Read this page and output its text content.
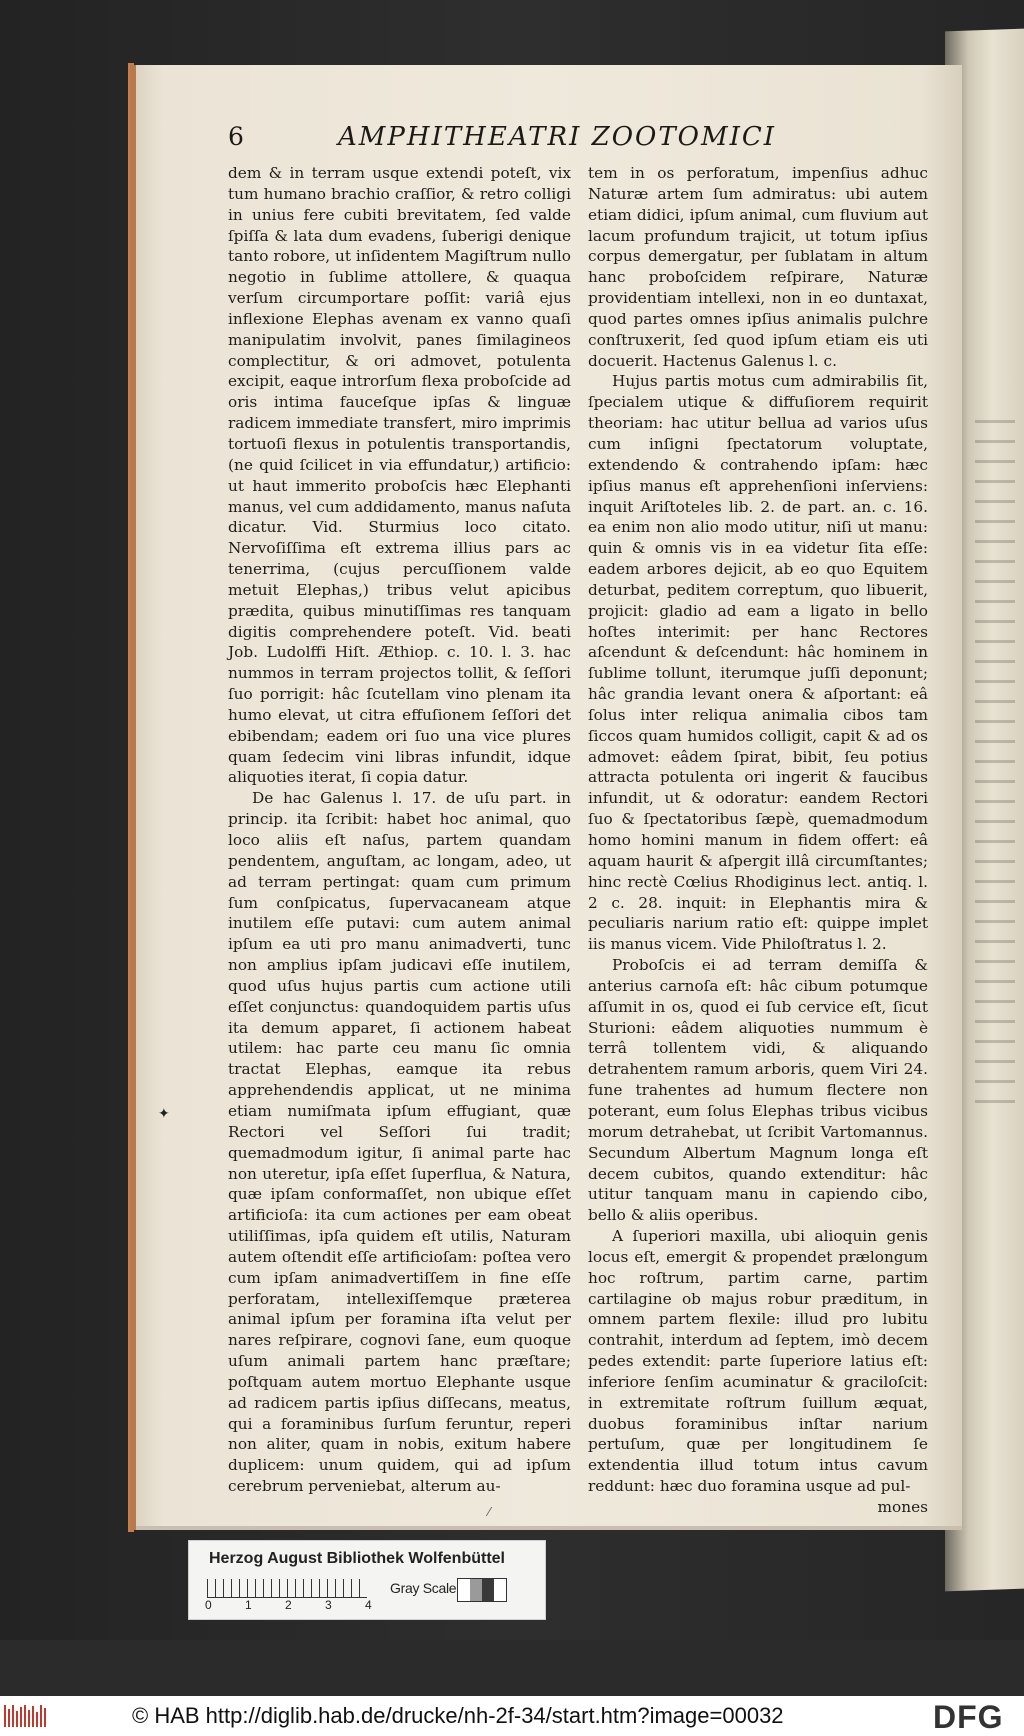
6	AMPHITHEATRI ZOOTOMICI

dem & in terram usque extendi poteſt, vix tum humano brachio craſſior, & retro colligi in unius fere cubiti brevitatem, ſed valde ſpiſſa & lata dum evadens, ſuberigi denique tanto robore, ut inſidentem Magiſtrum nullo negotio in ſublime attollere, & quaqua verſum circumportare poſſit: variâ ejus inflexione Elephas avenam ex vanno quaſi manipulatim involvit, panes ſimilagineos complectitur, & ori admovet, potulenta excipit, eaque introrſum flexa proboſcide ad oris intima fauceſque ipſas & linguæ radicem immediate transfert, miro imprimis tortuoſi flexus in potulentis transportandis, (ne quid ſcilicet in via effundatur,) artificio: ut haut immerito proboſcis hæc Elephanti manus, vel cum addidamento, manus naſuta dicatur. Vid. Sturmius loco citato. Nervoſiſſima eſt extrema illius pars ac tenerrima, (cujus percuſſionem valde metuit Elephas,) tribus velut apicibus prædita, quibus minutiſſimas res tanquam digitis comprehendere poteſt. Vid. beati Job. Ludolffi Hiſt. Æthiop. c. 10. l. 3. hac nummos in terram projectos tollit, & ſeſſori ſuo porrigit: hâc ſcutellam vino plenam ita humo elevat, ut citra effuſionem ſeſſori det ebibendam; eadem ori ſuo una vice plures quam ſedecim vini libras infundit, idque aliquoties iterat, ſi copia datur.

De hac Galenus l. 17. de uſu part. in princip. ita ſcribit: habet hoc animal, quo loco aliis eſt naſus, partem quandam pendentem, anguſtam, ac longam, adeo, ut ad terram pertingat: quam cum primum ſum conſpicatus, ſupervacaneam atque inutilem eſſe putavi: cum autem animal ipſum ea uti pro manu animadverti, tunc non amplius ipſam judicavi eſſe inutilem, quod uſus hujus partis cum actione utili eſſet conjunctus: quandoquidem partis uſus ita demum apparet, ſi actionem habeat utilem: hac parte ceu manu ſic omnia tractat Elephas, eamque ita rebus apprehendendis applicat, ut ne minima etiam numiſmata ipſum effugiant, quæ Rectori vel Seſſori ſui tradit; quemadmodum igitur, ſi animal parte hac non uteretur, ipſa eſſet ſuperflua, & Natura, quæ ipſam conformaſſet, non ubique eſſet artificioſa: ita cum actiones per eam obeat utiliſſimas, ipſa quidem eſt utilis, Naturam autem oſtendit eſſe artificioſam: poſtea vero cum ipſam animadvertiſſem in fine eſſe perforatam, intellexiſſemque præterea animal ipſum per foramina iſta velut per nares reſpirare, cognovi ſane, eum quoque uſum animali partem hanc præſtare; poſtquam autem mortuo Elephante usque ad radicem partis ipſius diſſecans, meatus, qui a foraminibus ſurſum feruntur, reperi non aliter, quam in nobis, exitum habere duplicem: unum quidem, qui ad ipſum cerebrum perveniebat, alterum au-

tem in os perforatum, impenſius adhuc Naturæ artem ſum admiratus: ubi autem etiam didici, ipſum animal, cum fluvium aut lacum profundum trajicit, ut totum ipſius corpus demergatur, per ſublatam in altum hanc proboſcidem reſpirare, Naturæ providentiam intellexi, non in eo duntaxat, quod partes omnes ipſius animalis pulchre conſtruxerit, ſed quod ipſum etiam eis uti docuerit. Hactenus Galenus l. c.

Hujus partis motus cum admirabilis ſit, ſpecialem utique & diffuſiorem requirit theoriam: hac utitur bellua ad varios uſus cum inſigni ſpectatorum voluptate, extendendo & contrahendo ipſam: hæc ipſius manus eſt apprehenſioni inſerviens: inquit Ariſtoteles lib. 2. de part. an. c. 16. ea enim non alio modo utitur, niſi ut manu: quin & omnis vis in ea videtur ſita eſſe: eadem arbores dejicit, ab eo quo Equitem deturbat, peditem correptum, quo libuerit, projicit: gladio ad eam a ligato in bello hoſtes interimit: per hanc Rectores aſcendunt & deſcendunt: hâc hominem in ſublime tollunt, iterumque juſſi deponunt; hâc grandia levant onera & aſportant: eâ ſolus inter reliqua animalia cibos tam ſiccos quam humidos colligit, capit & ad os admovet: eâdem ſpirat, bibit, ſeu potius attracta potulenta ori ingerit & faucibus infundit, ut & odoratur: eandem Rectori ſuo & ſpectatoribus ſæpè, quemadmodum homo homini manum in fidem offert: eâ aquam haurit & aſpergit illâ circumſtantes; hinc rectè Cœlius Rhodiginus lect. antiq. l. 2 c. 28. inquit: in Elephantis mira & peculiaris narium ratio eſt: quippe implet iis manus vicem. Vide Philoſtratus l. 2.

Proboſcis ei ad terram demiſſa & anterius carnoſa eſt: hâc cibum potumque aſſumit in os, quod ei ſub cervice eſt, ſicut Sturioni: eâdem aliquoties nummum è terrâ tollentem vidi, & aliquando detrahentem ramum arboris, quem Viri 24. fune trahentes ad humum flectere non poterant, eum ſolus Elephas tribus vicibus morum detrahebat, ut ſcribit Vartomannus. Secundum Albertum Magnum longa eſt decem cubitos, quando extenditur: hâc utitur tanquam manu in capiendo cibo, bello & aliis operibus.

A ſuperiori maxilla, ubi alioquin genis locus eſt, emergit & propendet prælongum hoc roſtrum, partim carne, partim cartilagine ob majus robur præditum, in omnem partem flexile: illud pro lubitu contrahit, interdum ad ſeptem, imò decem pedes extendit: parte ſuperiore latius eſt: inferiore ſenſim acuminatur & graciloſcit: in extremitate roſtrum ſuillum æquat, duobus foraminibus inſtar narium pertuſum, quæ per longitudinem ſe extendentia illud totum intus cavum reddunt: hæc duo foramina usque ad pul-

mones

✦
⁄
Herzog August Bibliothek Wolfenbüttel
0	1	2	3	4
Gray Scale
© HAB http://diglib.hab.de/drucke/nh-2f-34/start.htm?image=00032	DFG
